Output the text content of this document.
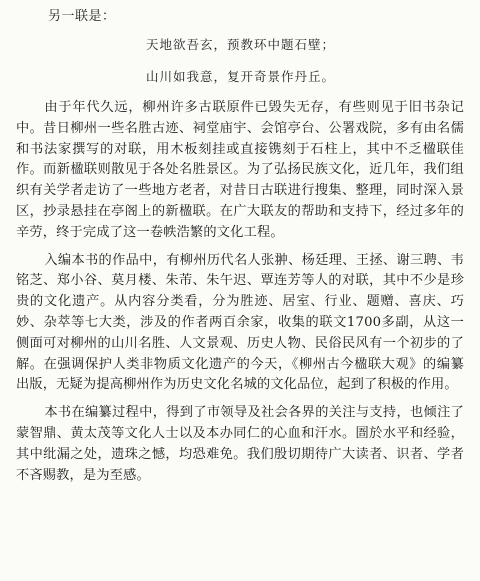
另一联是：

天地欲吾玄，预教环中题石壁；

山川如我意，复开奇景作丹丘。

由于年代久远，柳州许多古联原件已毁失无存，有些则见于旧书杂记中。昔日柳州一些名胜古迹、祠堂庙宇、会馆亭台、公署戏院，多有由名儒和书法家撰写的对联，用木板刻挂或直接镌刻于石柱上，其中不乏楹联佳作。而新楹联则散见于各处名胜景区。为了弘扬民族文化，近几年，我们组织有关学者走访了一些地方老者，对昔日古联进行搜集、整理，同时深入景区，抄录悬挂在亭阁上的新楹联。在广大联友的帮助和支持下，经过多年的辛劳，终于完成了这一卷帙浩繁的文化工程。

入编本书的作品中，有柳州历代名人张翀、杨廷理、王拯、谢三聘、韦铭芝、郑小谷、莫月楼、朱芾、朱午迟、覃连芳等人的对联，其中不少是珍贵的文化遗产。从内容分类看，分为胜迹、居室、行业、题赠、喜庆、巧妙、杂萃等七大类，涉及的作者两百余家，收集的联文1700多副，从这一侧面可对柳州的山川名胜、人文景观、历史人物、民俗民风有一个初步的了解。在强调保护人类非物质文化遗产的今天，《柳州古今楹联大观》的编纂出版，无疑为提高柳州作为历史文化名城的文化品位，起到了积极的作用。

本书在编纂过程中，得到了市领导及社会各界的关注与支持，也倾注了蒙智鼎、黄太茂等文化人士以及本办同仁的心血和汗水。圄於水平和经验，其中纰漏之处，遗珠之憾，均恐难免。我们殷切期待广大读者、识者、学者不吝赐教，是为至感。
